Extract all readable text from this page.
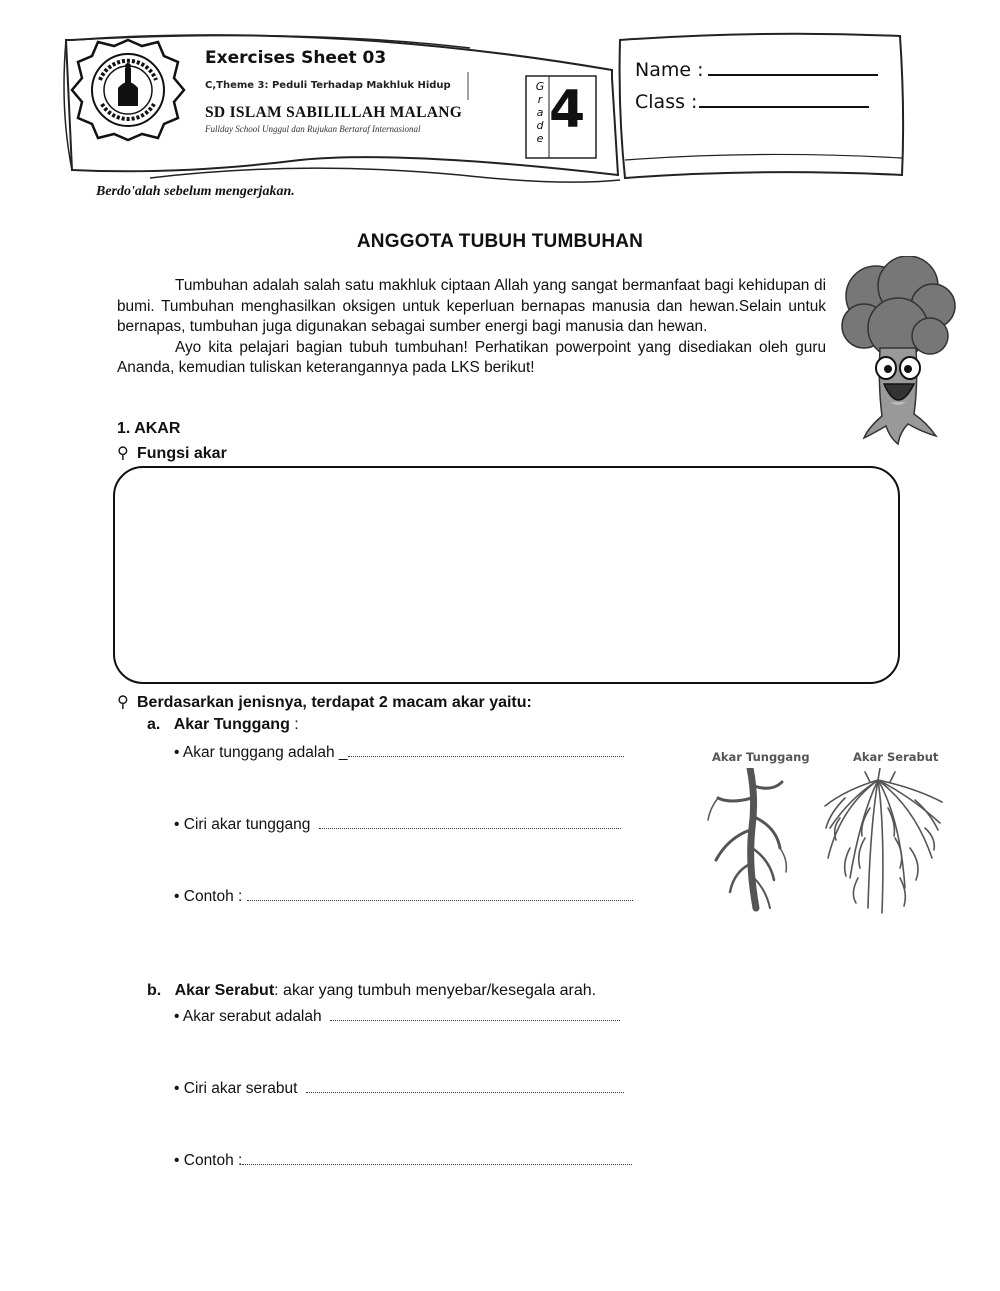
Exercises Sheet 03
C,Theme 3: Peduli Terhadap Makhluk Hidup
SD ISLAM SABILILLAH MALANG
Fullday School Unggul dan Rujukan Bertaraf Internasional
G
r
a
d
e 4
Name :
Class :
Berdo'alah sebelum mengerjakan.
ANGGOTA TUBUH TUMBUHAN

Tumbuhan adalah salah satu makhluk ciptaan Allah yang sangat bermanfaat bagi kehidupan di bumi. Tumbuhan menghasilkan oksigen untuk keperluan bernapas manusia dan hewan.Selain untuk bernapas, tumbuhan juga digunakan sebagai sumber energi bagi manusia dan hewan.

Ayo kita pelajari bagian tubuh tumbuhan! Perhatikan powerpoint yang disediakan oleh guru Ananda, kemudian tuliskan keterangannya pada LKS berikut!

1. AKAR
⚲ Fungsi akar
⚲ Berdasarkan jenisnya, terdapat 2 macam akar yaitu:
a. Akar Tunggang :
• Akar tunggang adalah _
• Ciri akar tunggang
• Contoh :
b. Akar Serabut: akar yang tumbuh menyebar/kesegala arah.
• Akar serabut adalah
• Ciri akar serabut
• Contoh :
Akar Tunggang	Akar Serabut
